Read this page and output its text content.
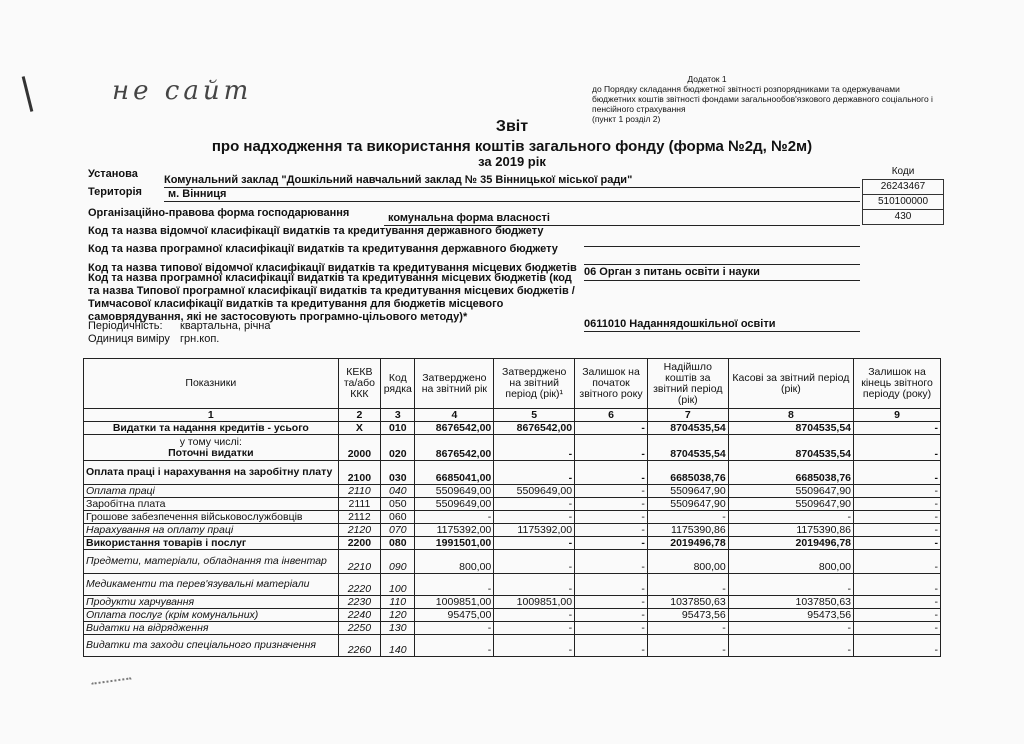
не сайт	Додаток 1
до Порядку складання бюджетної звітності розпорядниками та одержувачами бюджетних коштів звітності фондами загальнообов'язкового державного соціального і пенсійного страхування
(пункт 1 розділ 2)
Звіт
про надходження та використання коштів загального фонду (форма №2д, №2м)
за 2019 рік
Установа Комунальний заклад "Дошкільний навчальний заклад № 35 Вінницької міської ради"
Територія м. Вінниця
Організаційно-правова форма господарювання	комунальна форма власності
Код та назва відомчої класифікації видатків та кредитування державного бюджету
Код та назва програмної класифікації видатків та кредитування державного бюджету
Код та назва типової відомчої класифікації видатків та кредитування місцевих бюджетів 06 Орган з питань освіти і науки
Код та назва програмної класифікації видатків та кредитування місцевих бюджетів (код та назва Типової програмної класифікації видатків та кредитування місцевих бюджетів / Тимчасової класифікації видатків та кредитування для бюджетів місцевого самоврядування, які не застосовують програмно-цільового методу)*
0611010 Наданнядошкільної освіти
Періодичність: квартальна, річна
Одиниця виміру грн.коп.
Коди
26243467
510100000
430
Показники	КЕКВ та/або ККК	Код рядка	Затверджено на звітний рік	Затверджено на звітний період (рік)¹	Залишок на початок звітного року	Надійшло коштів за звітний період (рік)	Касові за звітний період (рік)	Залишок на кінець звітного періоду (року)
1	2	3	4	5	6	7	8	9
Видатки та надання кредитів - усього	X	010	8676542,00	8676542,00	-	8704535,54	8704535,54	-
у тому числі:
Поточні видатки	2000	020	8676542,00	-	-	8704535,54	8704535,54	-
Оплата праці і нарахування на заробітну плату	2100	030	6685041,00	-	-	6685038,76	6685038,76	-
Оплата праці	2110	040	5509649,00	5509649,00	-	5509647,90	5509647,90	-
Заробітна плата	2111	050	5509649,00	-	-	5509647,90	5509647,90	-
Грошове забезпечення військовослужбовців	2112	060	-	-	-	-	-	-
Нарахування на оплату праці	2120	070	1175392,00	1175392,00	-	1175390,86	1175390,86	-
Використання товарів і послуг	2200	080	1991501,00	-	-	2019496,78	2019496,78	-
Предмети, матеріали, обладнання та інвентар	2210	090	800,00	-	-	800,00	800,00	-
Медикаменти та перев'язувальні матеріали	2220	100	-	-	-	-	-	-
Продукти харчування	2230	110	1009851,00	1009851,00	-	1037850,63	1037850,63	-
Оплата послуг (крім комунальних)	2240	120	95475,00	-	-	95473,56	95473,56	-
Видатки на відрядження	2250	130	-	-	-	-	-	-
Видатки та заходи спеціального призначення	2260	140	-	-	-	-	-	-
